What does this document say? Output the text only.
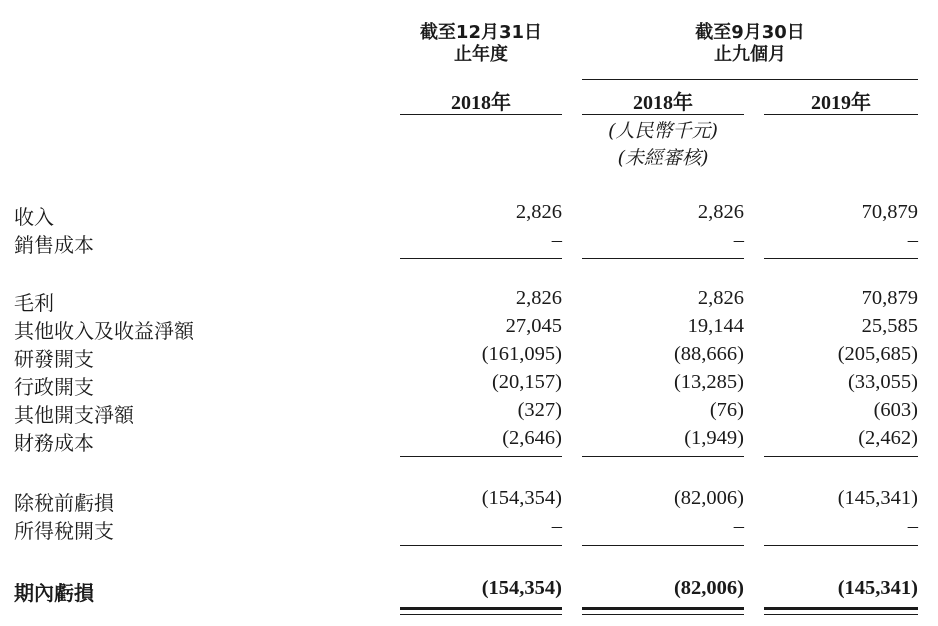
截至12月31日
止年度
截至9月30日
止九個月
2018年	2018年	2019年
(人民幣千元)
(未經審核)
收入	2,826	2,826	70,879
銷售成本	–	–	–
毛利	2,826	2,826	70,879
其他收入及收益淨額	27,045	19,144	25,585
研發開支	(161,095)	(88,666)	(205,685)
行政開支	(20,157)	(13,285)	(33,055)
其他開支淨額	(327)	(76)	(603)
財務成本	(2,646)	(1,949)	(2,462)
除稅前虧損	(154,354)	(82,006)	(145,341)
所得稅開支	–	–	–
期內虧損	(154,354)	(82,006)	(145,341)
